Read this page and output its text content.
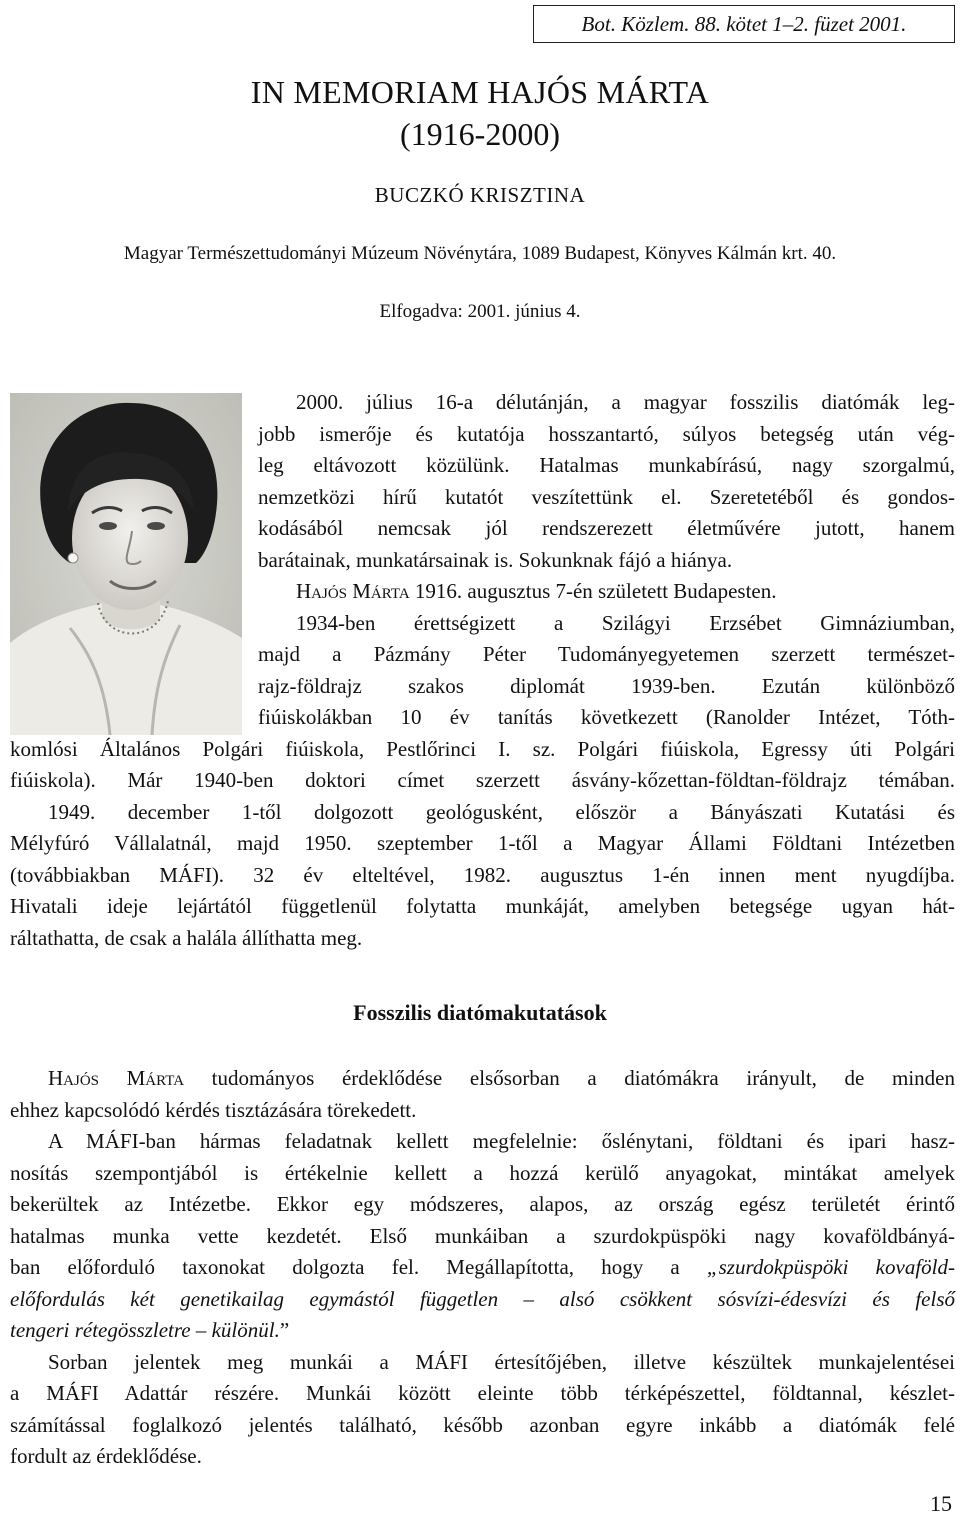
Bot. Közlem. 88. kötet 1–2. füzet 2001.
IN MEMORIAM HAJÓS MÁRTA
(1916-2000)
BUCZKÓ KRISZTINA
Magyar Természettudományi Múzeum Növénytára, 1089 Budapest, Könyves Kálmán krt. 40.
Elfogadva: 2001. június 4.
2000. július 16-a délutánján, a magyar fosszilis diatómák leg-
jobb ismerője és kutatója hosszantartó, súlyos betegség után vég-
leg eltávozott közülünk. Hatalmas munkabírású, nagy szorgalmú,
nemzetközi hírű kutatót veszítettünk el. Szeretetéből és gondos-
kodásából nemcsak jól rendszerezett életművére jutott, hanem
barátainak, munkatársainak is. Sokunknak fájó a hiánya.
Hajós Márta 1916. augusztus 7-én született Budapesten.
1934-ben érettségizett a Szilágyi Erzsébet Gimnáziumban,
majd a Pázmány Péter Tudományegyetemen szerzett természet-
rajz-földrajz szakos diplomát 1939-ben. Ezután különböző
fiúiskolákban 10 év tanítás következett (Ranolder Intézet, Tóth-
komlósi Általános Polgári fiúiskola, Pestlőrinci I. sz. Polgári fiúiskola, Egressy úti Polgári
fiúiskola). Már 1940-ben doktori címet szerzett ásvány-kőzettan-földtan-földrajz témában.
1949. december 1-től dolgozott geológusként, először a Bányászati Kutatási és
Mélyfúró Vállalatnál, majd 1950. szeptember 1-től a Magyar Állami Földtani Intézetben
(továbbiakban MÁFI). 32 év elteltével, 1982. augusztus 1-én innen ment nyugdíjba.
Hivatali ideje lejártától függetlenül folytatta munkáját, amelyben betegsége ugyan hát-
ráltathatta, de csak a halála állíthatta meg.
Fosszilis diatómakutatások
Hajós Márta tudományos érdeklődése elsősorban a diatómákra irányult, de minden
ehhez kapcsolódó kérdés tisztázására törekedett.
A MÁFI-ban hármas feladatnak kellett megfelelnie: őslénytani, földtani és ipari hasz-
nosítás szempontjából is értékelnie kellett a hozzá kerülő anyagokat, mintákat amelyek
bekerültek az Intézetbe. Ekkor egy módszeres, alapos, az ország egész területét érintő
hatalmas munka vette kezdetét. Első munkáiban a szurdokpüspöki nagy kovaföldbányá-
ban előforduló taxonokat dolgozta fel. Megállapította, hogy a „szurdokpüspöki kovaföld-
előfordulás két genetikailag egymástól független – alsó csökkent sósvízi-édesvízi és felső
tengeri rétegösszletre – különül.”
Sorban jelentek meg munkái a MÁFI értesítőjében, illetve készültek munkajelentései
a MÁFI Adattár részére. Munkái között eleinte több térképészettel, földtannal, készlet-
számítással foglalkozó jelentés található, később azonban egyre inkább a diatómák felé
fordult az érdeklődése.
15
